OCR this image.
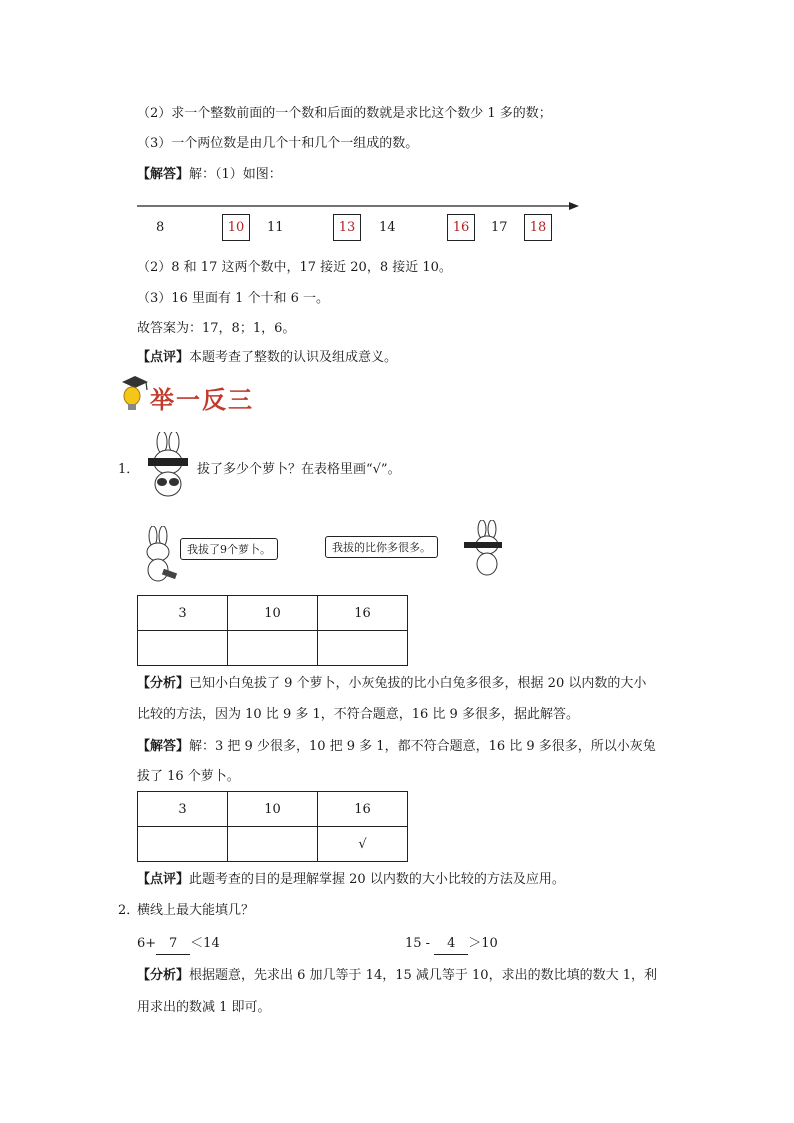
（2）求一个整数前面的一个数和后面的数就是求比这个数少 1 多的数；
（3）一个两位数是由几个十和几个一组成的数。
【解答】解：（1）如图：
8	10	11	13	14	16	17	18
（2）8 和 17 这两个数中，17 接近 20，8 接近 10。
（3）16 里面有 1 个十和 6 一。
故答案为：17，8；1，6。
【点评】本题考查了整数的认识及组成意义。
举一反三
1．	拔了多少个萝卜？在表格里画“√”。
我拔了9个萝卜。	我拔的比你多很多。
3	10	16

【分析】已知小白兔拔了 9 个萝卜，小灰兔拔的比小白兔多很多，根据 20 以内数的大小
比较的方法，因为 10 比 9 多 1，不符合题意，16 比 9 多很多，据此解答。
【解答】解：3 把 9 少很多，10 把 9 多 1，都不符合题意，16 比 9 多很多，所以小灰兔
拔了 16 个萝卜。
3	10	16
		√
【点评】此题考查的目的是理解掌握 20 以内数的大小比较的方法及应用。
2．
横线上最大能填几？
6+ 7 ＜14	15 - 4 ＞10
【分析】根据题意，先求出 6 加几等于 14，15 减几等于 10，求出的数比填的数大 1，利
用求出的数减 1 即可。
